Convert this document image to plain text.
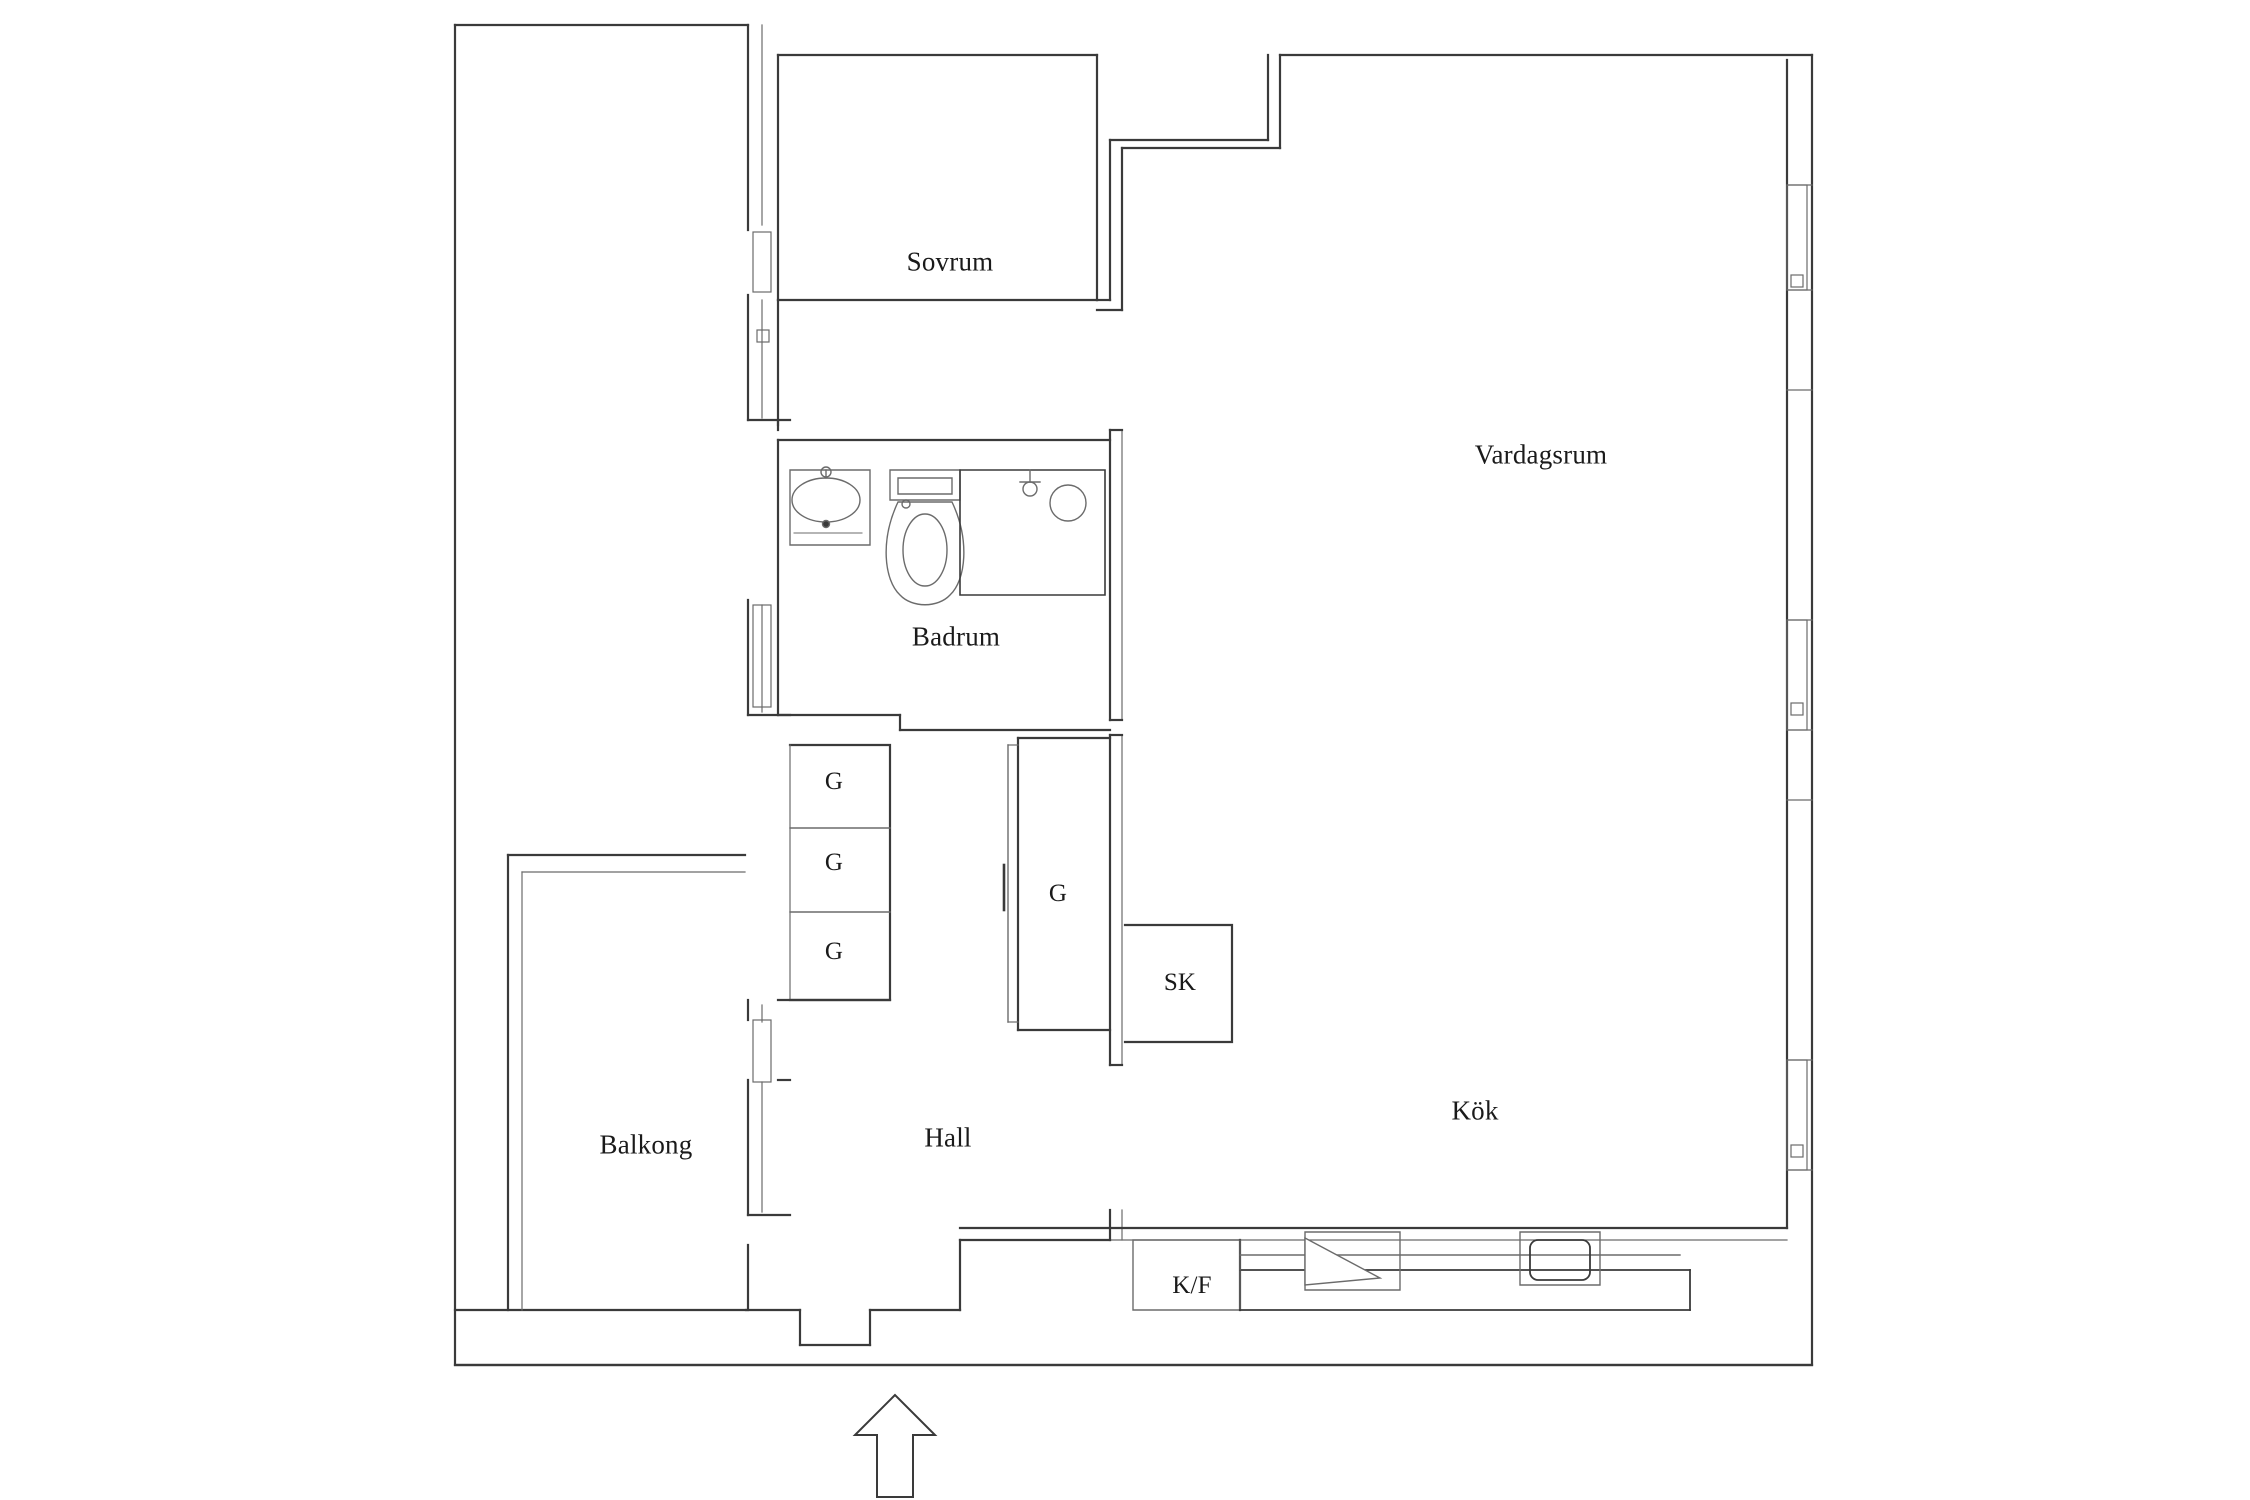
Sovrum
Vardagsrum
Badrum
Hall
Kök
Balkong
G
G
G
G
SK
K/F
